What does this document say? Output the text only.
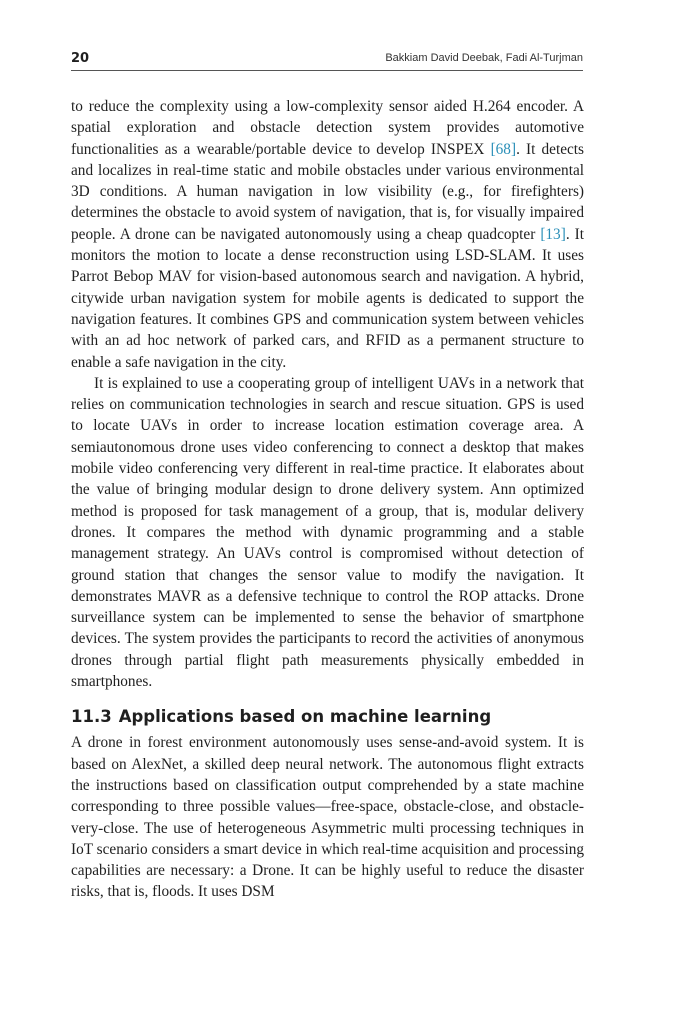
20	Bakkiam David Deebak, Fadi Al-Turjman

to reduce the complexity using a low-complexity sensor aided H.264 encoder. A spatial exploration and obstacle detection system provides automotive functionalities as a wearable/portable device to develop INSPEX [68]. It detects and localizes in real-time static and mobile obstacles under various environmental 3D conditions. A human navigation in low visibility (e.g., for firefighters) determines the obstacle to avoid system of navigation, that is, for visually impaired people. A drone can be navigated autonomously using a cheap quadcopter [13]. It monitors the motion to locate a dense reconstruction using LSD-SLAM. It uses Parrot Bebop MAV for vision-based autonomous search and navigation. A hybrid, citywide urban navigation system for mobile agents is dedicated to support the navigation features. It combines GPS and communication system between vehicles with an ad hoc network of parked cars, and RFID as a permanent structure to enable a safe navigation in the city.

It is explained to use a cooperating group of intelligent UAVs in a network that relies on communication technologies in search and rescue situation. GPS is used to locate UAVs in order to increase location estimation coverage area. A semiautonomous drone uses video conferencing to connect a desktop that makes mobile video conferencing very different in real-time practice. It elaborates about the value of bringing modular design to drone delivery system. Ann optimized method is proposed for task management of a group, that is, modular delivery drones. It compares the method with dynamic programming and a stable management strategy. An UAVs control is compromised without detection of ground station that changes the sensor value to modify the navigation. It demonstrates MAVR as a defensive technique to control the ROP attacks. Drone surveillance system can be implemented to sense the behavior of smartphone devices. The system provides the participants to record the activities of anonymous drones through partial flight path measurements physically embedded in smartphones.

11.3 Applications based on machine learning

A drone in forest environment autonomously uses sense-and-avoid system. It is based on AlexNet, a skilled deep neural network. The autonomous flight extracts the instructions based on classification output comprehended by a state machine corresponding to three possible values—free-space, obstacle-close, and obstacle-very-close. The use of heterogeneous Asymmetric multi processing techniques in IoT scenario considers a smart device in which real-time acquisition and processing capabilities are necessary: a Drone. It can be highly useful to reduce the disaster risks, that is, floods. It uses DSM
